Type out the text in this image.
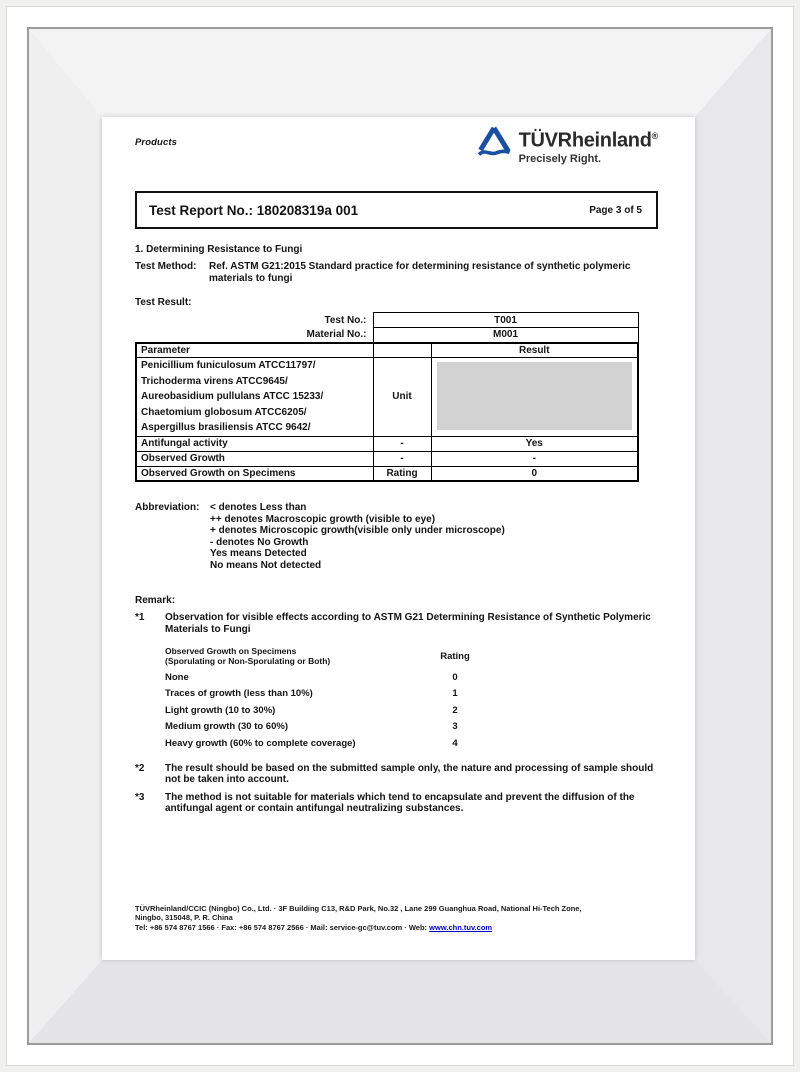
Products	TÜVRheinland®
Precisely Right.
Test Report No.: 180208319a 001	Page 3 of 5
1. Determining Resistance to Fungi
Test Method:	Ref. ASTM G21:2015 Standard practice for determining resistance of synthetic polymeric materials to fungi
Test Result:
Test No.:	T001	
Material No.:	M001	
Parameter		Result

Penicillium funiculosum ATCC11797/
Trichoderma virens ATCC9645/
Aureobasidium pullulans ATCC 15233/
Chaetomium globosum ATCC6205/
Aspergillus brasiliensis ATCC 9642/	Unit	

Antifungal activity	-	Yes
Observed Growth	-	-
Observed Growth on Specimens	Rating	0
Abbreviation:	< denotes Less than
++ denotes Macroscopic growth (visible to eye)
+ denotes Microscopic growth(visible only under microscope)
- denotes No Growth
Yes means Detected
No means Not detected
Remark:
*1	Observation for visible effects according to ASTM G21 Determining Resistance of Synthetic Polymeric Materials to Fungi
Observed Growth on Specimens
(Sporulating or Non-Sporulating or Both)	Rating
None	0
Traces of growth (less than 10%)	1
Light growth (10 to 30%)	2
Medium growth (30 to 60%)	3
Heavy growth (60% to complete coverage)	4
*2	The result should be based on the submitted sample only, the nature and processing of sample should not be taken into account.
*3	The method is not suitable for materials which tend to encapsulate and prevent the diffusion of the antifungal agent or contain antifungal neutralizing substances.
TÜVRheinland/CCIC (Ningbo) Co., Ltd. · 3F Building C13, R&D Park, No.32 , Lane 299 Guanghua Road, National Hi-Tech Zone,
Ningbo, 315048, P. R. China
Tel: +86 574 8767 1566 · Fax: +86 574 8767 2566 · Mail: service-gc@tuv.com · Web: www.chn.tuv.com
